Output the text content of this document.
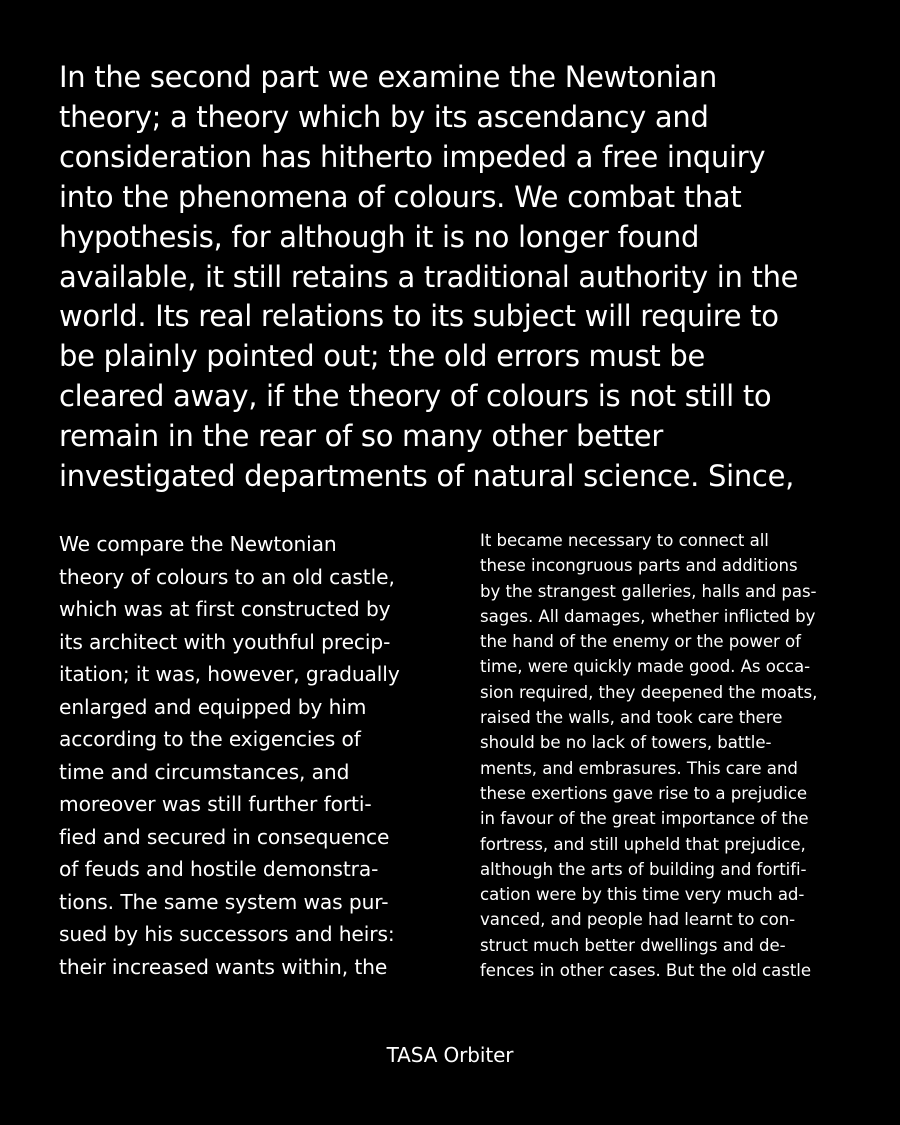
In the second part we examine the Newtonian
theory; a theory which by its ascendancy and
consideration has hitherto impeded a free inquiry
into the phenomena of colours. We combat that
hypothesis, for although it is no longer found
available, it still retains a traditional authority in the
world. Its real relations to its subject will require to
be plainly pointed out; the old errors must be
cleared away, if the theory of colours is not still to
remain in the rear of so many other better
investigated departments of natural science. Since,
We compare the Newtonian
theory of colours to an old castle,
which was at first constructed by
its architect with youthful precip-
itation; it was, however, gradually
enlarged and equipped by him
according to the exigencies of
time and circumstances, and
moreover was still further forti-
fied and secured in consequence
of feuds and hostile demonstra-
tions. The same system was pur-
sued by his successors and heirs:
their increased wants within, the
It became necessary to connect all
these incongruous parts and additions
by the strangest galleries, halls and pas-
sages. All damages, whether inflicted by
the hand of the enemy or the power of
time, were quickly made good. As occa-
sion required, they deepened the moats,
raised the walls, and took care there
should be no lack of towers, battle-
ments, and embrasures. This care and
these exertions gave rise to a prejudice
in favour of the great importance of the
fortress, and still upheld that prejudice,
although the arts of building and fortifi-
cation were by this time very much ad-
vanced, and people had learnt to con-
struct much better dwellings and de-
fences in other cases. But the old castle
TASA Orbiter
